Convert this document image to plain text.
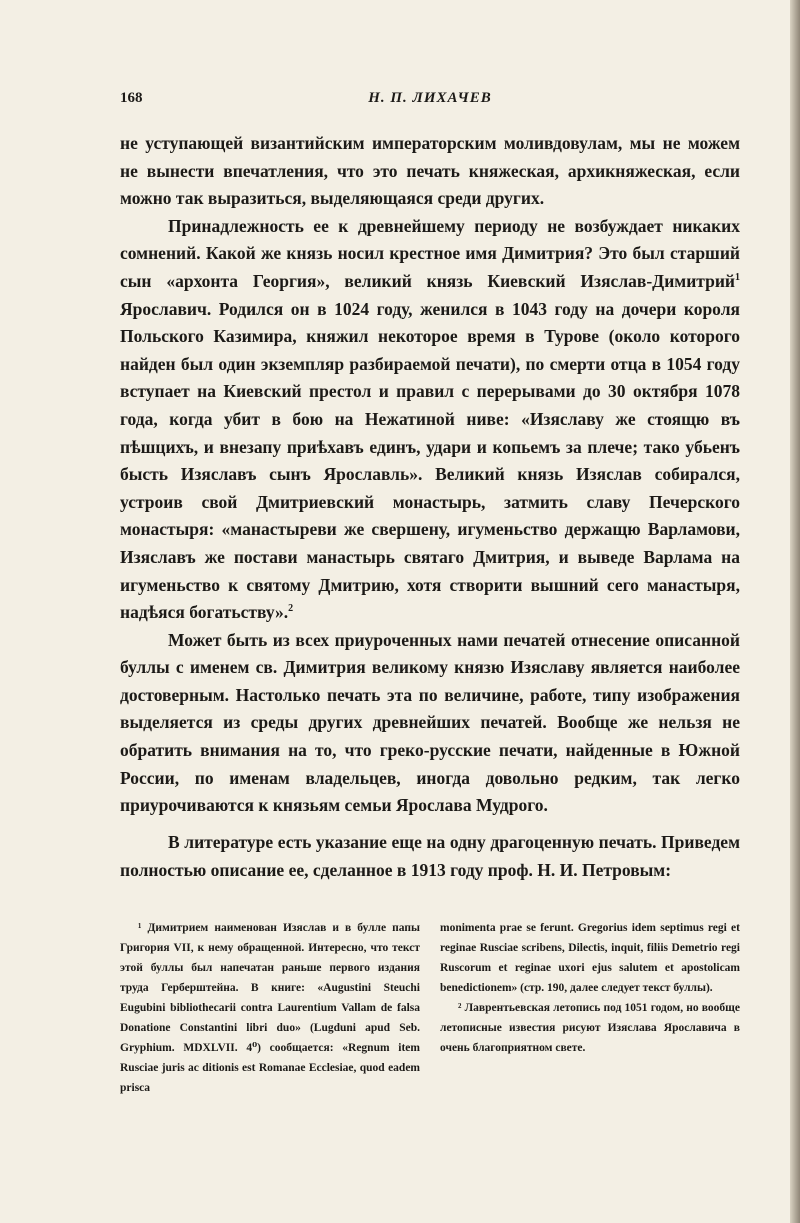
168	Н. П. ЛИХАЧЕВ

не уступающей византийским императорским моливдовулам, мы не можем не вынести впечатления, что это печать княжеская, архикняжеская, если можно так выразиться, выделяющаяся среди других.

Принадлежность ее к древнейшему периоду не возбуждает никаких сомнений. Какой же князь носил крестное имя Димитрия? Это был старший сын «архонта Георгия», великий князь Киевский Изяслав-Димитрий$^1$ Ярославич. Родился он в 1024 году, женился в 1043 году на дочери короля Польского Казимира, княжил некоторое время в Турове (около которого найден был один экземпляр разбираемой печати), по смерти отца в 1054 году вступает на Киевский престол и правил с перерывами до 30 октября 1078 года, когда убит в бою на Нежатиной ниве: «Изяславу же стоящю въ пѣшцихъ, и внезапу приѣхавъ единъ, удари и копьемъ за плече; тако убьенъ бысть Изяславъ сынъ Ярославль». Великий князь Изяслав собирался, устроив свой Дмитриевский монастырь, затмить славу Печерского монастыря: «манастыреви же свершену, игуменьство держащю Варламови, Изяславъ же постави манастырь святаго Дмитрия, и выведе Варлама на игуменьство к святому Дмитрию, хотя створити вышний сего манастыря, надѣяся богатьству».$^2$

Может быть из всех приуроченных нами печатей отнесение описанной буллы с именем св. Димитрия великому князю Изяславу является наиболее достоверным. Настолько печать эта по величине, работе, типу изображения выделяется из среды других древнейших печатей. Вообще же нельзя не обратить внимания на то, что греко-русские печати, найденные в Южной России, по именам владельцев, иногда довольно редким, так легко приурочиваются к князьям семьи Ярослава Мудрого.

В литературе есть указание еще на одну драгоценную печать. Приведем полностью описание ее, сделанное в 1913 году проф. Н. И. Петровым:

¹ Димитрием наименован Изяслав и в булле папы Григория VII, к нему обращенной. Интересно, что текст этой буллы был напечатан раньше первого издания труда Герберштейна. В книге: «Augustini Steuchi Eugubini bibliothecarii contra Laurentium Vallam de falsa Donatione Constantini libri duo» (Lugduni apud Seb. Gryphium. MDXLVII. 4⁰) сообщается: «Regnum item Rusciae juris ac ditionis est Romanae Ecclesiae, quod eadem prisca

monimenta prae se ferunt. Gregorius idem septimus regi et reginae Rusciae scribens, Dilectis, inquit, filiis Demetrio regi Ruscorum et reginae uxori ejus salutem et apostolicam benedictionem» (стр. 190, далее следует текст буллы).

² Лаврентьевская летопись под 1051 годом, но вообще летописные известия рисуют Изяслава Ярославича в очень благоприятном свете.
